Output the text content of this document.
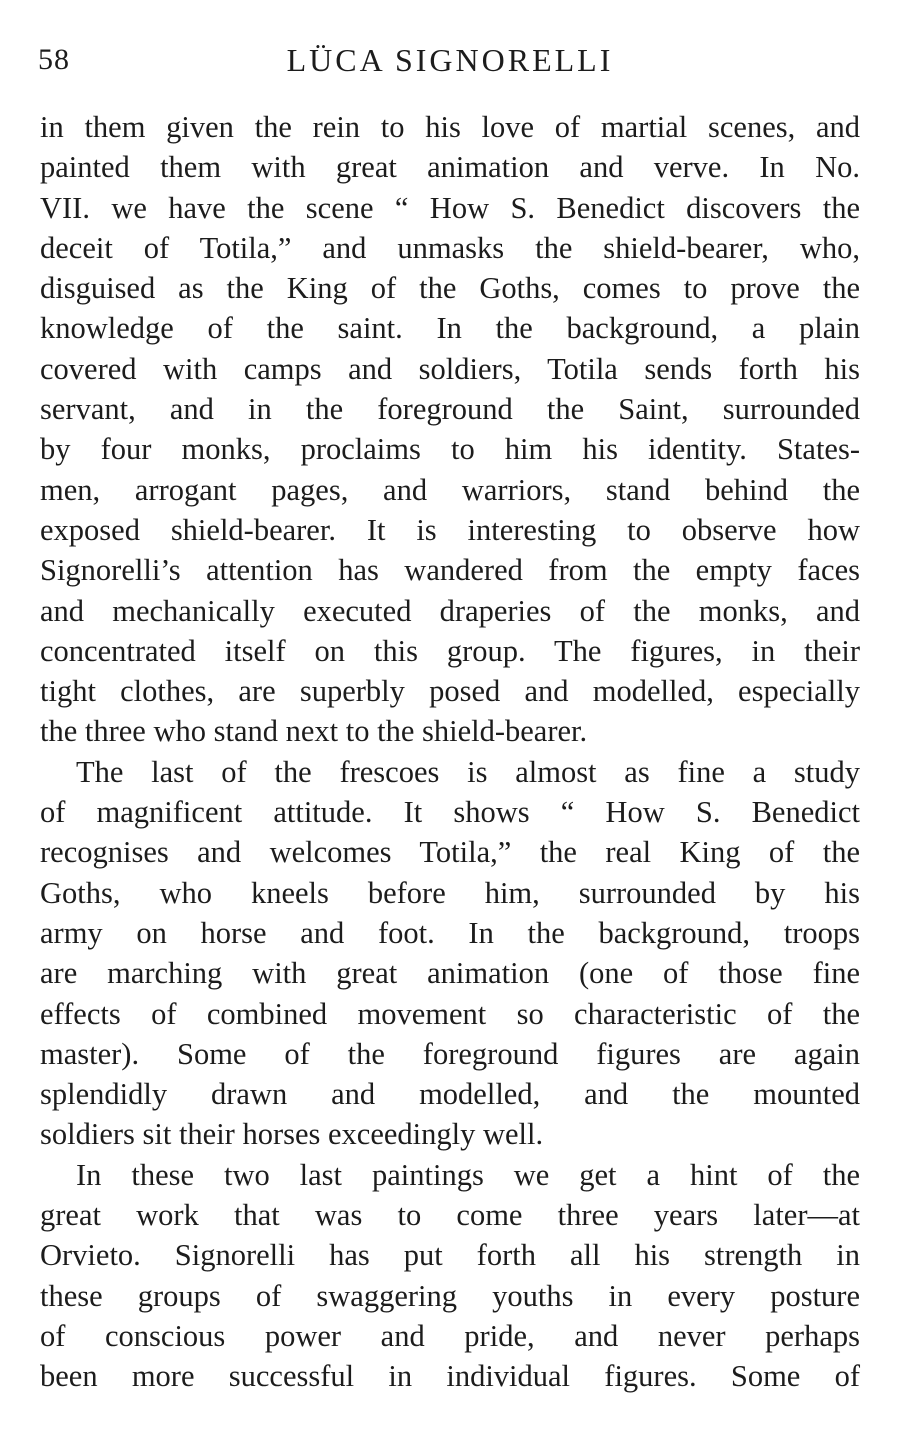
58	LÜCA SIGNORELLI
in them given the rein to his love of martial scenes, and
painted them with great animation and verve. In No.
VII. we have the scene “ How S. Benedict discovers the
deceit of Totila,” and unmasks the shield-bearer, who,
disguised as the King of the Goths, comes to prove the
knowledge of the saint. In the background, a plain
covered with camps and soldiers, Totila sends forth his
servant, and in the foreground the Saint, surrounded
by four monks, proclaims to him his identity. States-
men, arrogant pages, and warriors, stand behind the
exposed shield-bearer. It is interesting to observe how
Signorelli’s attention has wandered from the empty faces
and mechanically executed draperies of the monks, and
concentrated itself on this group. The figures, in their
tight clothes, are superbly posed and modelled, especially
the three who stand next to the shield-bearer.
The last of the frescoes is almost as fine a study
of magnificent attitude. It shows “ How S. Benedict
recognises and welcomes Totila,” the real King of the
Goths, who kneels before him, surrounded by his
army on horse and foot. In the background, troops
are marching with great animation (one of those fine
effects of combined movement so characteristic of the
master). Some of the foreground figures are again
splendidly drawn and modelled, and the mounted
soldiers sit their horses exceedingly well.
In these two last paintings we get a hint of the
great work that was to come three years later—at
Orvieto. Signorelli has put forth all his strength in
these groups of swaggering youths in every posture
of conscious power and pride, and never perhaps
been more successful in individual figures. Some of
